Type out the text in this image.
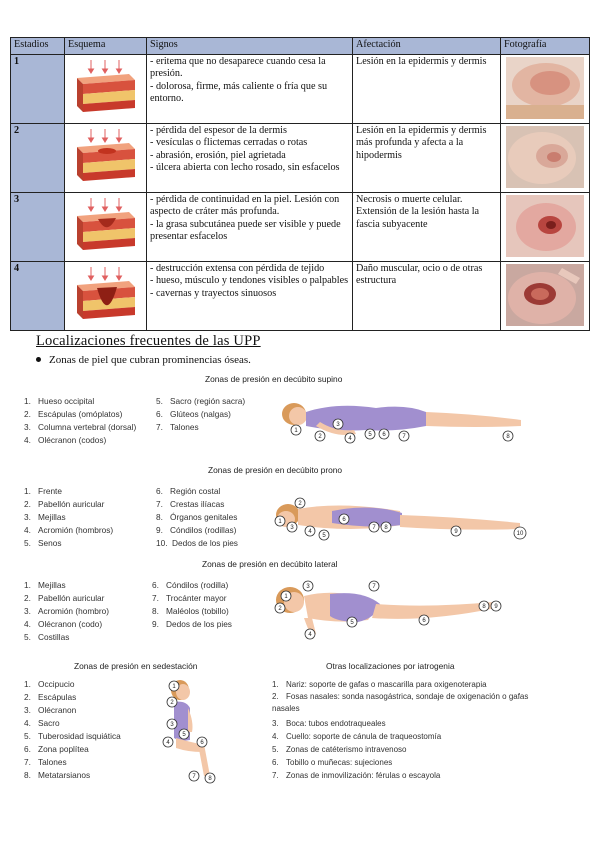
Estadios	Esquema	Signos	Afectación	Fotografía
1		- eritema que no desaparece cuando cesa la presión.
- dolorosa, firme, más caliente o fría que su entorno.	Lesión en la epidermis y dermis	

2		- pérdida del espesor de la dermis
- vesículas o flictemas cerradas o rotas
- abrasión, erosión, piel agrietada
- úlcera abierta con lecho rosado, sin esfacelos	Lesión en la epidermis y dermis más profunda y afecta a la hipodermis	

3		- pérdida de continuidad en la piel. Lesión con aspecto de cráter más profunda.
- la grasa subcutánea puede ser visible y puede presentar esfacelos	Necrosis o muerte celular. Extensión de la lesión hasta la fascia subyacente	

4		- destrucción extensa con pérdida de tejido
- hueso, músculo y tendones visibles o palpables
- cavernas y trayectos sinuosos	Daño muscular, ocio o de otras estructura	
Localizaciones frecuentes de las UPP
Zonas de piel que cubran prominencias óseas.
Zonas de presión en decúbito supino
1. Hueso occipital
2. Escápulas (omóplatos)
3. Columna vertebral (dorsal)
4. Olécranon (codos)
5. Sacro (región sacra)
6. Glúteos (nalgas)
7. Talones	1
2
3
4
5 6	7	8
Zonas de presión en decúbito prono
1. Frente
2. Pabellón auricular
3. Mejillas
4. Acromión (hombros)
5. Senos
6. Región costal
7. Crestas ilíacas
8. Órganos genitales
9. Cóndilos (rodillas)
10. Dedos de los pies
1
2
3
4
5
6
7 8
9	10
Zonas de presión en decúbito lateral
1. Mejillas
2. Pabellón auricular
3. Acromión (hombro)
4. Olécranon (codo)
5. Costillas
6. Cóndilos (rodilla)
7. Trocánter mayor
8. Maléolos (tobillo)
9. Dedos de los pies
1
3
2
4
5	6
7
8 9
Zonas de presión en sedestación
1. Occipucio
2. Escápulas
3. Olécranon
4. Sacro
5. Tuberosidad isquiática
6. Zona poplítea
7. Talones
8. Metatarsianos
1
2
3
4
5
6
7 8
Otras localizaciones por iatrogenia
1. Nariz: soporte de gafas o mascarilla para oxigenoterapia
2. Fosas nasales: sonda nasogástrica, sondaje de oxigenación o gafas nasales
3. Boca: tubos endotraqueales
4. Cuello: soporte de cánula de traqueostomía
5. Zonas de catéterismo intravenoso
6. Tobillo o muñecas: sujeciones
7. Zonas de inmovilización: férulas o escayola
